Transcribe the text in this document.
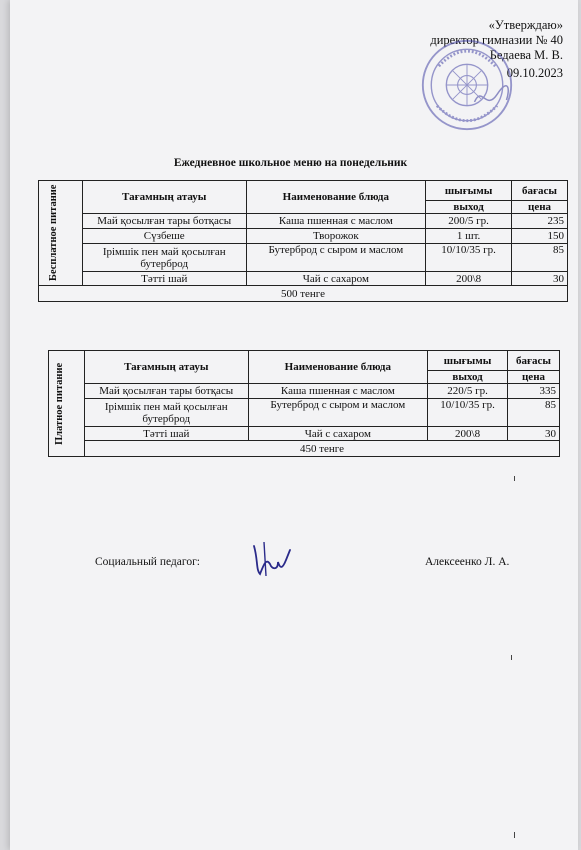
«Утверждаю»
директор гимназии № 40
Бедаева М. В.
09.10.2023
Ежедневное школьное меню на понедельник
Бесплатное питание	Тағамның атауы	Наименование блюда	шығымы	бағасы
			выход	цена
	Май қосылған тары ботқасы	Каша пшенная с маслом	200/5 гр.	235
	Сүзбеше	Творожок	1 шт.	150
	Ірімшік пен май қосылған бутерброд	Бутерброд с сыром и маслом	10/10/35 гр.	85
	Тәтті шай	Чай с сахаром	200\8	30
500 тенге				
Платное питание	Тағамның атауы	Наименование блюда	шығымы	бағасы
			выход	цена
	Май қосылған тары ботқасы	Каша пшенная с маслом	220/5 гр.	335
	Ірімшік пен май қосылған бутерброд	Бутерброд с сыром и маслом	10/10/35 гр.	85
	Тәтті шай	Чай с сахаром	200\8	30
	450 тенге			
Социальный педагог:	Алексеенко Л. А.
